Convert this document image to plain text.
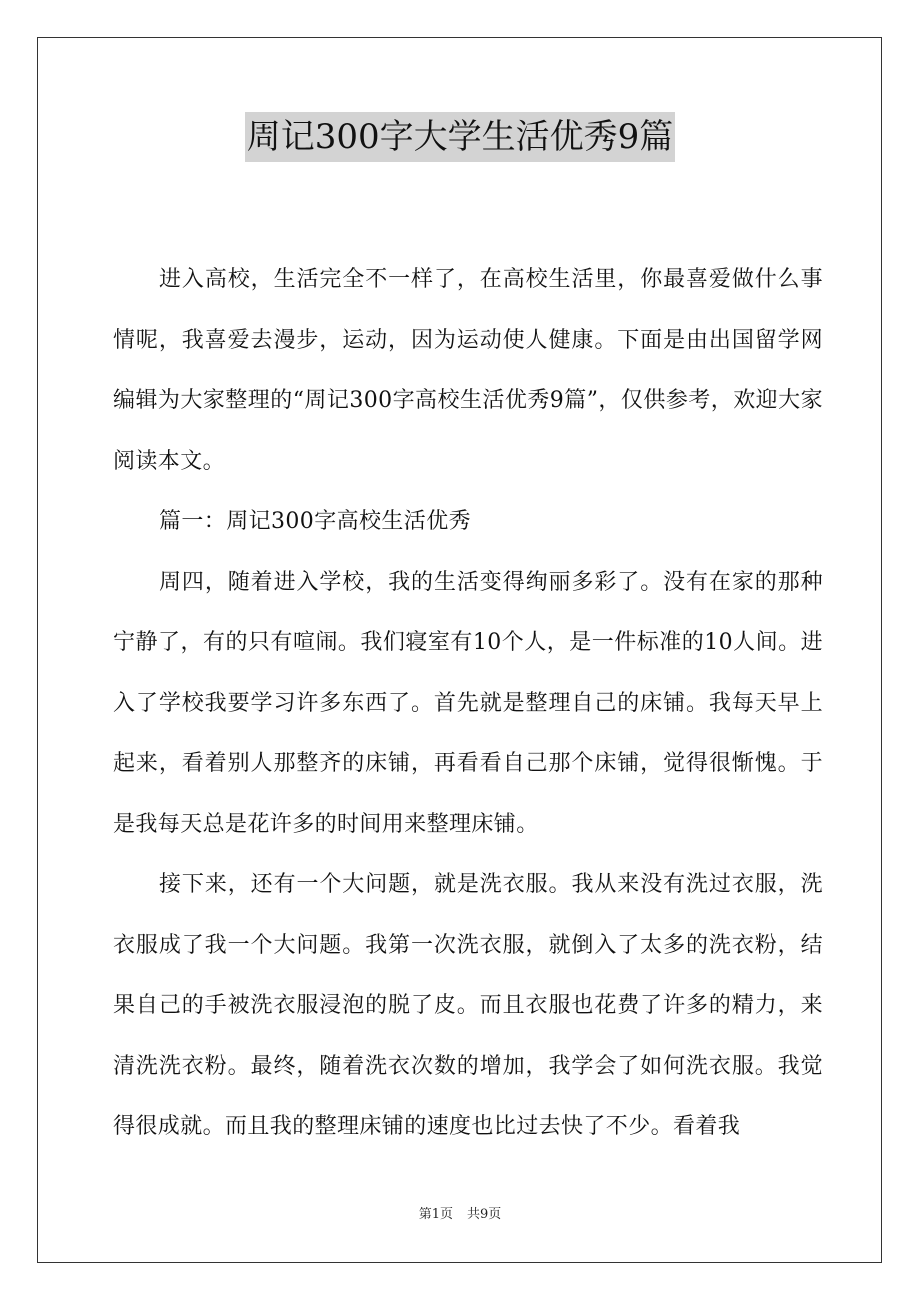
周记300字大学生活优秀9篇

进入高校，生活完全不一样了，在高校生活里，你最喜爱做什么事情呢，我喜爱去漫步，运动，因为运动使人健康。下面是由出国留学网编辑为大家整理的“周记300字高校生活优秀9篇”，仅供参考，欢迎大家阅读本文。

篇一：周记300字高校生活优秀

周四，随着进入学校，我的生活变得绚丽多彩了。没有在家的那种宁静了，有的只有喧闹。我们寝室有10个人，是一件标准的10人间。进入了学校我要学习许多东西了。首先就是整理自己的床铺。我每天早上起来，看着别人那整齐的床铺，再看看自己那个床铺，觉得很惭愧。于是我每天总是花许多的时间用来整理床铺。

接下来，还有一个大问题，就是洗衣服。我从来没有洗过衣服，洗衣服成了我一个大问题。我第一次洗衣服，就倒入了太多的洗衣粉，结果自己的手被洗衣服浸泡的脱了皮。而且衣服也花费了许多的精力，来清洗洗衣粉。最终，随着洗衣次数的增加，我学会了如何洗衣服。我觉得很成就。而且我的整理床铺的速度也比过去快了不少。看着我

第1页 共9页
